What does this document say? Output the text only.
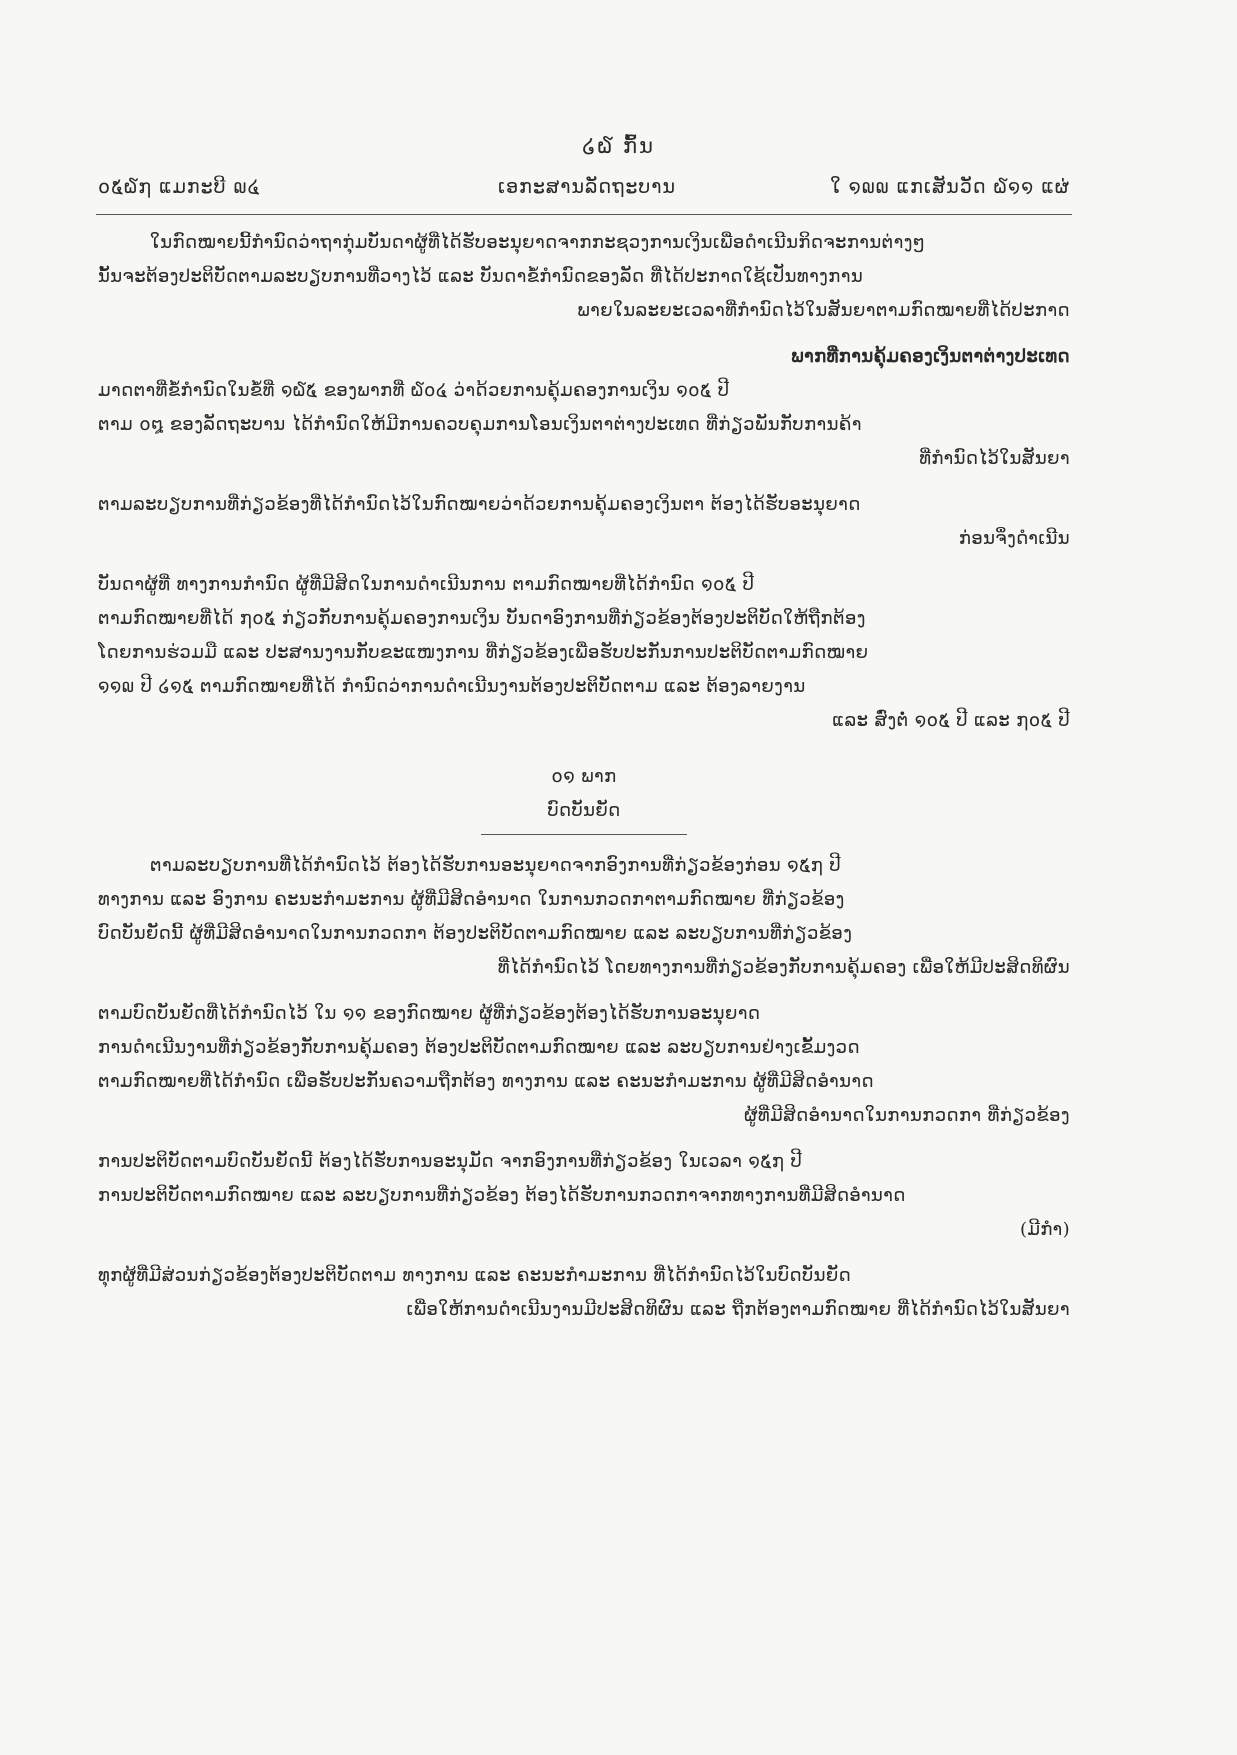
໒໖ ກົ້ນ
໐໕໖໗ ແມກະບີ ໙໔	ເອກະສານລັດຖະບານ	ໃ ໑໙໙ ແກເສັນວັດ ໖໑໑ ແຜ່
ໃນກົດໝາຍນີ້ກຳນົດວ່າຖາກຸ່ມບັນດາຜູ້ທີ່ໄດ້ຮັບອະນຸຍາດຈາກກະຊວງການເງິນເພື່ອດຳເນີນກິດຈະການຕ່າງໆ
ນັ້ນຈະຕ້ອງປະຕິບັດຕາມລະບຽບການທີ່ວາງໄວ້ ແລະ ບັນດາຂໍ້ກຳນົດຂອງລັດ ທີ່ໄດ້ປະກາດໃຊ້ເປັນທາງການ
ພາຍໃນລະຍະເວລາທີ່ກຳນົດໄວ້ໃນສັນຍາຕາມກົດໝາຍທີ່ໄດ້ປະກາດ
ພາກທີ່ການຄຸ້ມຄອງເງິນຕາຕ່າງປະເທດ
ມາດຕາທີ່ຂໍ້ກຳນົດໃນຂໍ້ທີ່ ໑໖໕ ຂອງພາກທີ່ ໖໐໔ ວ່າດ້ວຍການຄຸ້ມຄອງການເງິນ ໑໐໕ ປີ
ຕາມ ໐໘ ຂອງລັດຖະບານ ໄດ້ກຳນົດໃຫ້ມີການຄວບຄຸມການໂອນເງິນຕາຕ່າງປະເທດ ທີ່ກ່ຽວພັນກັບການຄ້າ
ທີ່ກຳນົດໄວ້ໃນສັນຍາ
ຕາມລະບຽບການທີ່ກ່ຽວຂ້ອງທີ່ໄດ້ກຳນົດໄວ້ໃນກົດໝາຍວ່າດ້ວຍການຄຸ້ມຄອງເງິນຕາ ຕ້ອງໄດ້ຮັບອະນຸຍາດ
ກ່ອນຈຶ່ງດຳເນີນ
ບັນດາຜູ້ທີ່ ທາງການກຳນົດ ຜູ້ທີ່ມີສິດໃນການດຳເນີນການ ຕາມກົດໝາຍທີ່ໄດ້ກຳນົດ ໑໐໕ ປີ
ຕາມກົດໝາຍທີ່ໄດ້ ໗໐໕ ກ່ຽວກັບການຄຸ້ມຄອງການເງິນ ບັນດາອົງການທີ່ກ່ຽວຂ້ອງຕ້ອງປະຕິບັດໃຫ້ຖືກຕ້ອງ
ໂດຍການຮ່ວມມື ແລະ ປະສານງານກັບຂະແໜງການ ທີ່ກ່ຽວຂ້ອງເພື່ອຮັບປະກັນການປະຕິບັດຕາມກົດໝາຍ
໑໑໙ ປີ ໒໑໕ ຕາມກົດໝາຍທີ່ໄດ້ ກຳນົດວ່າການດຳເນີນງານຕ້ອງປະຕິບັດຕາມ ແລະ ຕ້ອງລາຍງານ
ແລະ ສົ່ງຕໍ່ ໑໐໕ ປີ ແລະ ໗໐໕ ປີ
໐໑ ພາກ
ບົດບັນຍັດ
ຕາມລະບຽບການທີ່ໄດ້ກຳນົດໄວ້ ຕ້ອງໄດ້ຮັບການອະນຸຍາດຈາກອົງການທີ່ກ່ຽວຂ້ອງກ່ອນ ໑໕໗ ປີ
ທາງການ ແລະ ອົງການ ຄະນະກຳມະການ ຜູ້ທີ່ມີສິດອຳນາດ ໃນການກວດກາຕາມກົດໝາຍ ທີ່ກ່ຽວຂ້ອງ
ບົດບັນຍັດນີ້ ຜູ້ທີ່ມີສິດອຳນາດໃນການກວດກາ ຕ້ອງປະຕິບັດຕາມກົດໝາຍ ແລະ ລະບຽບການທີ່ກ່ຽວຂ້ອງ
ທີ່ໄດ້ກຳນົດໄວ້ ໂດຍທາງການທີ່ກ່ຽວຂ້ອງກັບການຄຸ້ມຄອງ ເພື່ອໃຫ້ມີປະສິດທິຜົນ
ຕາມບົດບັນຍັດທີ່ໄດ້ກຳນົດໄວ້ ໃນ ໑໑ ຂອງກົດໝາຍ ຜູ້ທີ່ກ່ຽວຂ້ອງຕ້ອງໄດ້ຮັບການອະນຸຍາດ
ການດຳເນີນງານທີ່ກ່ຽວຂ້ອງກັບການຄຸ້ມຄອງ ຕ້ອງປະຕິບັດຕາມກົດໝາຍ ແລະ ລະບຽບການຢ່າງເຂັ້ມງວດ
ຕາມກົດໝາຍທີ່ໄດ້ກຳນົດ ເພື່ອຮັບປະກັນຄວາມຖືກຕ້ອງ ທາງການ ແລະ ຄະນະກຳມະການ ຜູ້ທີ່ມີສິດອຳນາດ
ຜູ້ທີ່ມີສິດອຳນາດໃນການກວດກາ ທີ່ກ່ຽວຂ້ອງ
ການປະຕິບັດຕາມບົດບັນຍັດນີ້ ຕ້ອງໄດ້ຮັບການອະນຸມັດ ຈາກອົງການທີ່ກ່ຽວຂ້ອງ ໃນເວລາ ໑໕໗ ປີ
ການປະຕິບັດຕາມກົດໝາຍ ແລະ ລະບຽບການທີ່ກ່ຽວຂ້ອງ ຕ້ອງໄດ້ຮັບການກວດກາຈາກທາງການທີ່ມີສິດອຳນາດ
(ມີກຳ)
ທຸກຜູ້ທີ່ມີສ່ວນກ່ຽວຂ້ອງຕ້ອງປະຕິບັດຕາມ ທາງການ ແລະ ຄະນະກຳມະການ ທີ່ໄດ້ກຳນົດໄວ້ໃນບົດບັນຍັດ
ເພື່ອໃຫ້ການດຳເນີນງານມີປະສິດທິຜົນ ແລະ ຖືກຕ້ອງຕາມກົດໝາຍ ທີ່ໄດ້ກຳນົດໄວ້ໃນສັນຍາ
